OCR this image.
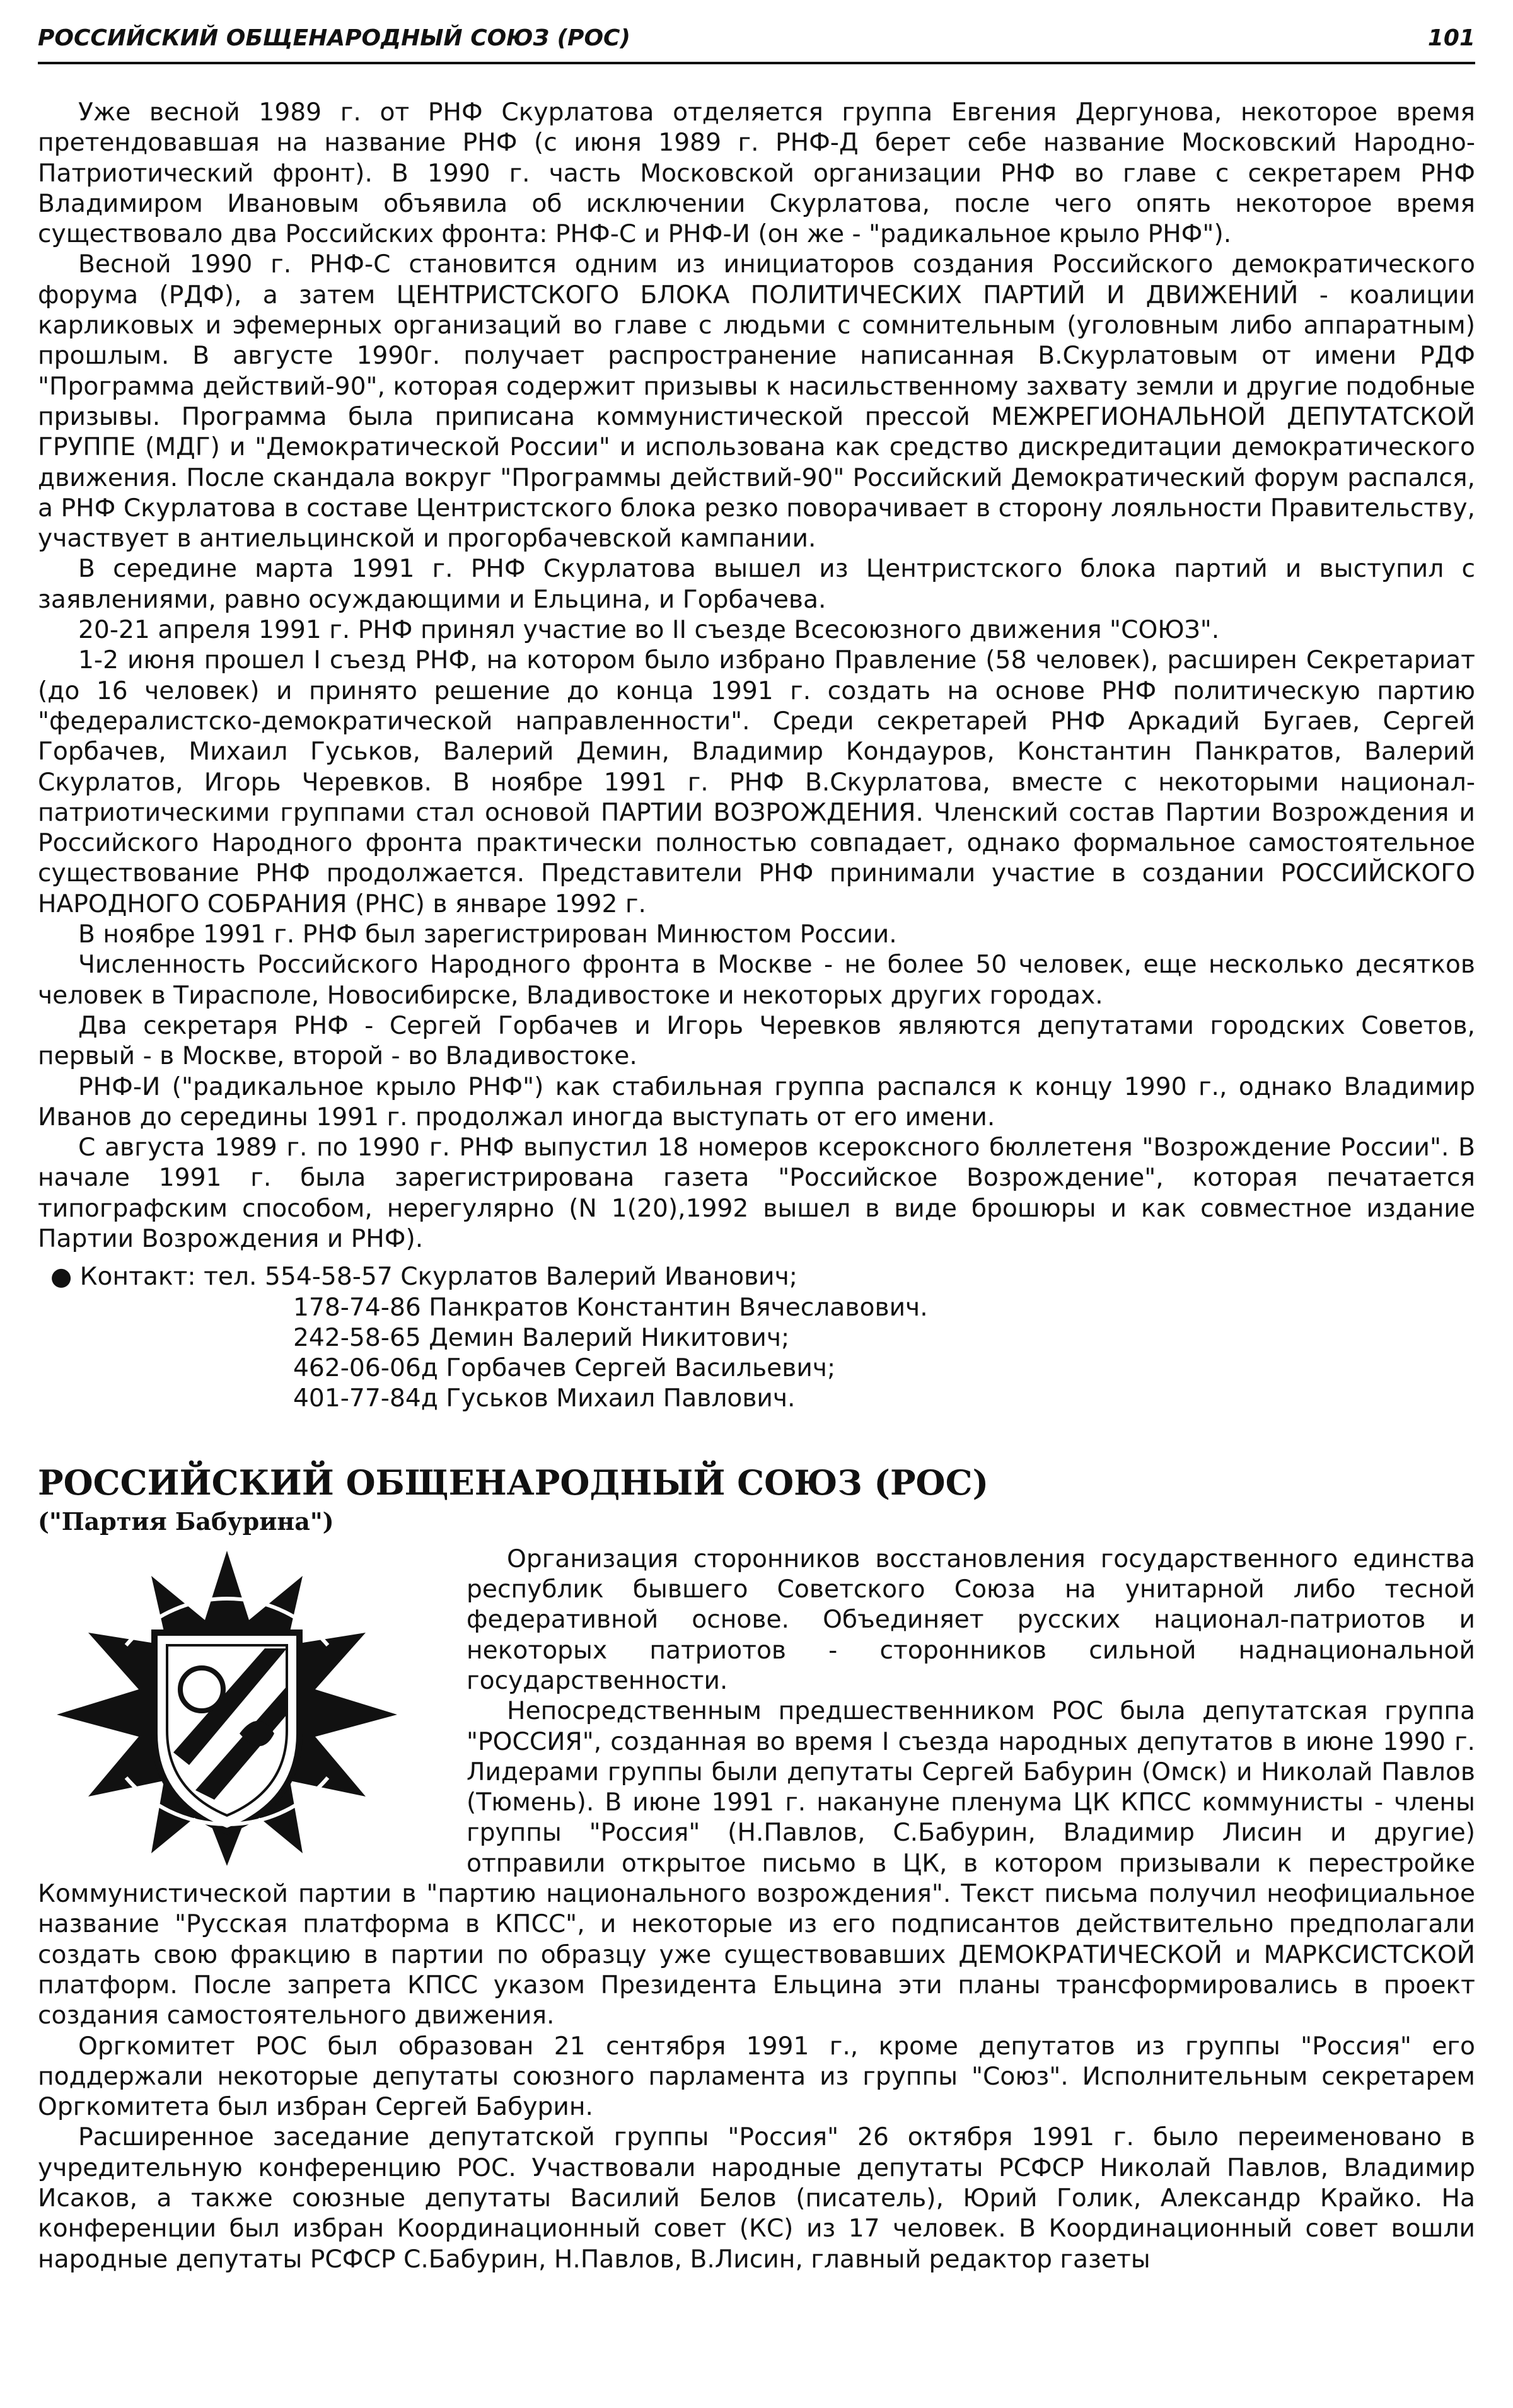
РОССИЙСКИЙ ОБЩЕНАРОДНЫЙ СОЮЗ (РОС)	101

Уже весной 1989 г. от РНФ Скурлатова отделяется группа Евгения Дергунова, некоторое время претендовавшая на название РНФ (с июня 1989 г. РНФ-Д берет себе название Московский Народно-Патриотический фронт). В 1990 г. часть Московской организации РНФ во главе с секретарем РНФ Владимиром Ивановым объявила об исключении Скурлатова, после чего опять некоторое время существовало два Российских фронта: РНФ-С и РНФ-И (он же - "радикальное крыло РНФ").

Весной 1990 г. РНФ-С становится одним из инициаторов создания Российского демократического форума (РДФ), а затем ЦЕНТРИСТСКОГО БЛОКА ПОЛИТИЧЕСКИХ ПАРТИЙ И ДВИЖЕНИЙ - коалиции карликовых и эфемерных организаций во главе с людьми с сомнительным (уголовным либо аппаратным) прошлым. В августе 1990г. получает распространение написанная В.Скурлатовым от имени РДФ "Программа действий-90", которая содержит призывы к насильственному захвату земли и другие подобные призывы. Программа была приписана коммунистической прессой МЕЖРЕГИОНАЛЬНОЙ ДЕПУТАТСКОЙ ГРУППЕ (МДГ) и "Демократической России" и использована как средство дискредитации демократического движения. После скандала вокруг "Программы действий-90" Российский Демократический форум распался, а РНФ Скурлатова в составе Центристского блока резко поворачивает в сторону лояльности Правительству, участвует в антиельцинской и прогорбачевской кампании.

В середине марта 1991 г. РНФ Скурлатова вышел из Центристского блока партий и выступил с заявлениями, равно осуждающими и Ельцина, и Горбачева.

20-21 апреля 1991 г. РНФ принял участие во II съезде Всесоюзного движения "СОЮЗ".

1-2 июня прошел I съезд РНФ, на котором было избрано Правление (58 человек), расширен Секретариат (до 16 человек) и принято решение до конца 1991 г. создать на основе РНФ политическую партию "федералистско-демократической направленности". Среди секретарей РНФ Аркадий Бугаев, Сергей Горбачев, Михаил Гуськов, Валерий Демин, Владимир Кондауров, Константин Панкратов, Валерий Скурлатов, Игорь Черевков. В ноябре 1991 г. РНФ В.Скурлатова, вместе с некоторыми национал-патриотическими группами стал основой ПАРТИИ ВОЗРОЖДЕНИЯ. Членский состав Партии Возрождения и Российского Народного фронта практически полностью совпадает, однако формальное самостоятельное существование РНФ продолжается. Представители РНФ принимали участие в создании РОССИЙСКОГО НАРОДНОГО СОБРАНИЯ (РНС) в январе 1992 г.

В ноябре 1991 г. РНФ был зарегистрирован Минюстом России.

Численность Российского Народного фронта в Москве - не более 50 человек, еще несколько десятков человек в Тирасполе, Новосибирске, Владивостоке и некоторых других городах.

Два секретаря РНФ - Сергей Горбачев и Игорь Черевков являются депутатами городских Советов, первый - в Москве, второй - во Владивостоке.

РНФ-И ("радикальное крыло РНФ") как стабильная группа распался к концу 1990 г., однако Владимир Иванов до середины 1991 г. продолжал иногда выступать от его имени.

С августа 1989 г. по 1990 г. РНФ выпустил 18 номеров ксероксного бюллетеня "Возрождение России". В начале 1991 г. была зарегистрирована газета "Российское Возрождение", которая печатается типографским способом, нерегулярно (N 1(20),1992 вышел в виде брошюры и как совместное издание Партии Возрождения и РНФ).

● Контакт: тел. 554-58-57 Скурлатов Валерий Иванович;
178-74-86 Панкратов Константин Вячеславович.
242-58-65 Демин Валерий Никитович;
462-06-06д Горбачев Сергей Васильевич;
401-77-84д Гуськов Михаил Павлович.
РОССИЙСКИЙ ОБЩЕНАРОДНЫЙ СОЮЗ (РОС)
("Партия Бабурина")

Организация сторонников восстановления государственного единства республик бывшего Советского Союза на унитарной либо тесной федеративной основе. Объединяет русских национал-патриотов и некоторых патриотов - сторонников сильной наднациональной государственности.

Непосредственным предшественником РОС была депутатская группа "РОССИЯ", созданная во время I съезда народных депутатов в июне 1990 г. Лидерами группы были депутаты Сергей Бабурин (Омск) и Николай Павлов (Тюмень). В июне 1991 г. накануне пленума ЦК КПСС коммунисты - члены группы "Россия" (Н.Павлов, С.Бабурин, Владимир Лисин и другие) отправили открытое письмо в ЦК, в котором призывали к перестройке Коммунистической партии в "партию национального возрождения". Текст письма получил неофициальное название "Русская платформа в КПСС", и некоторые из его подписантов действительно предполагали создать свою фракцию в партии по образцу уже существовавших ДЕМОКРАТИЧЕСКОЙ и МАРКСИСТСКОЙ платформ. После запрета КПСС указом Президента Ельцина эти планы трансформировались в проект создания самостоятельного движения.

Оргкомитет РОС был образован 21 сентября 1991 г., кроме депутатов из группы "Россия" его поддержали некоторые депутаты союзного парламента из группы "Союз". Исполнительным секретарем Оргкомитета был избран Сергей Бабурин.

Расширенное заседание депутатской группы "Россия" 26 октября 1991 г. было переименовано в учредительную конференцию РОС. Участвовали народные депутаты РСФСР Николай Павлов, Владимир Исаков, а также союзные депутаты Василий Белов (писатель), Юрий Голик, Александр Крайко. На конференции был избран Координационный совет (КС) из 17 человек. В Координационный совет вошли народные депутаты РСФСР С.Бабурин, Н.Павлов, В.Лисин, главный редактор газеты
